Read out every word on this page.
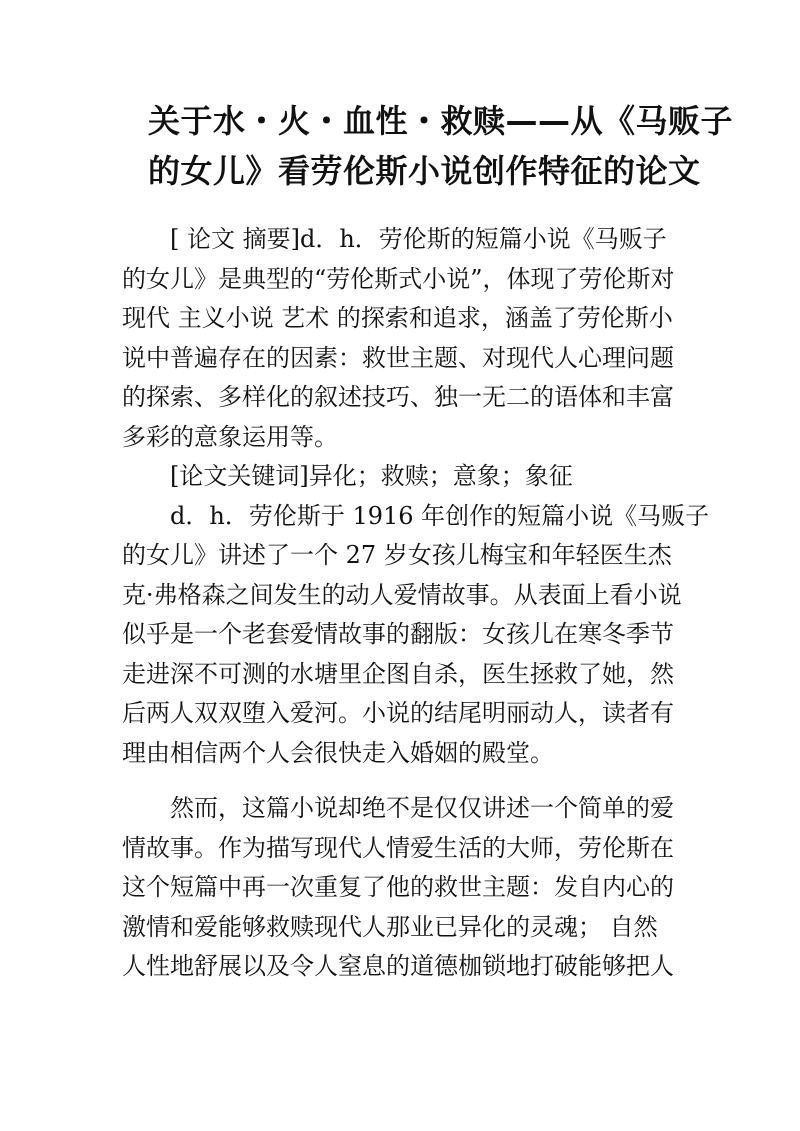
关于水・火・血性・救赎——从《马贩子
的女儿》看劳伦斯小说创作特征的论文
[ 论文 摘要]d．h．劳伦斯的短篇小说《马贩子
的女儿》是典型的“劳伦斯式小说”，体现了劳伦斯对
现代 主义小说 艺术 的探索和追求，涵盖了劳伦斯小
说中普遍存在的因素：救世主题、对现代人心理问题
的探索、多样化的叙述技巧、独一无二的语体和丰富
多彩的意象运用等。
[论文关键词]异化；救赎；意象；象征
d．h．劳伦斯于 1916 年创作的短篇小说《马贩子
的女儿》讲述了一个 27 岁女孩儿梅宝和年轻医生杰
克·弗格森之间发生的动人爱情故事。从表面上看小说
似乎是一个老套爱情故事的翻版：女孩儿在寒冬季节
走进深不可测的水塘里企图自杀，医生拯救了她，然
后两人双双堕入爱河。小说的结尾明丽动人，读者有
理由相信两个人会很快走入婚姻的殿堂。
然而，这篇小说却绝不是仅仅讲述一个简单的爱
情故事。作为描写现代人情爱生活的大师，劳伦斯在
这个短篇中再一次重复了他的救世主题：发自内心的
激情和爱能够救赎现代人那业已异化的灵魂； 自然
人性地舒展以及令人窒息的道德枷锁地打破能够把人
